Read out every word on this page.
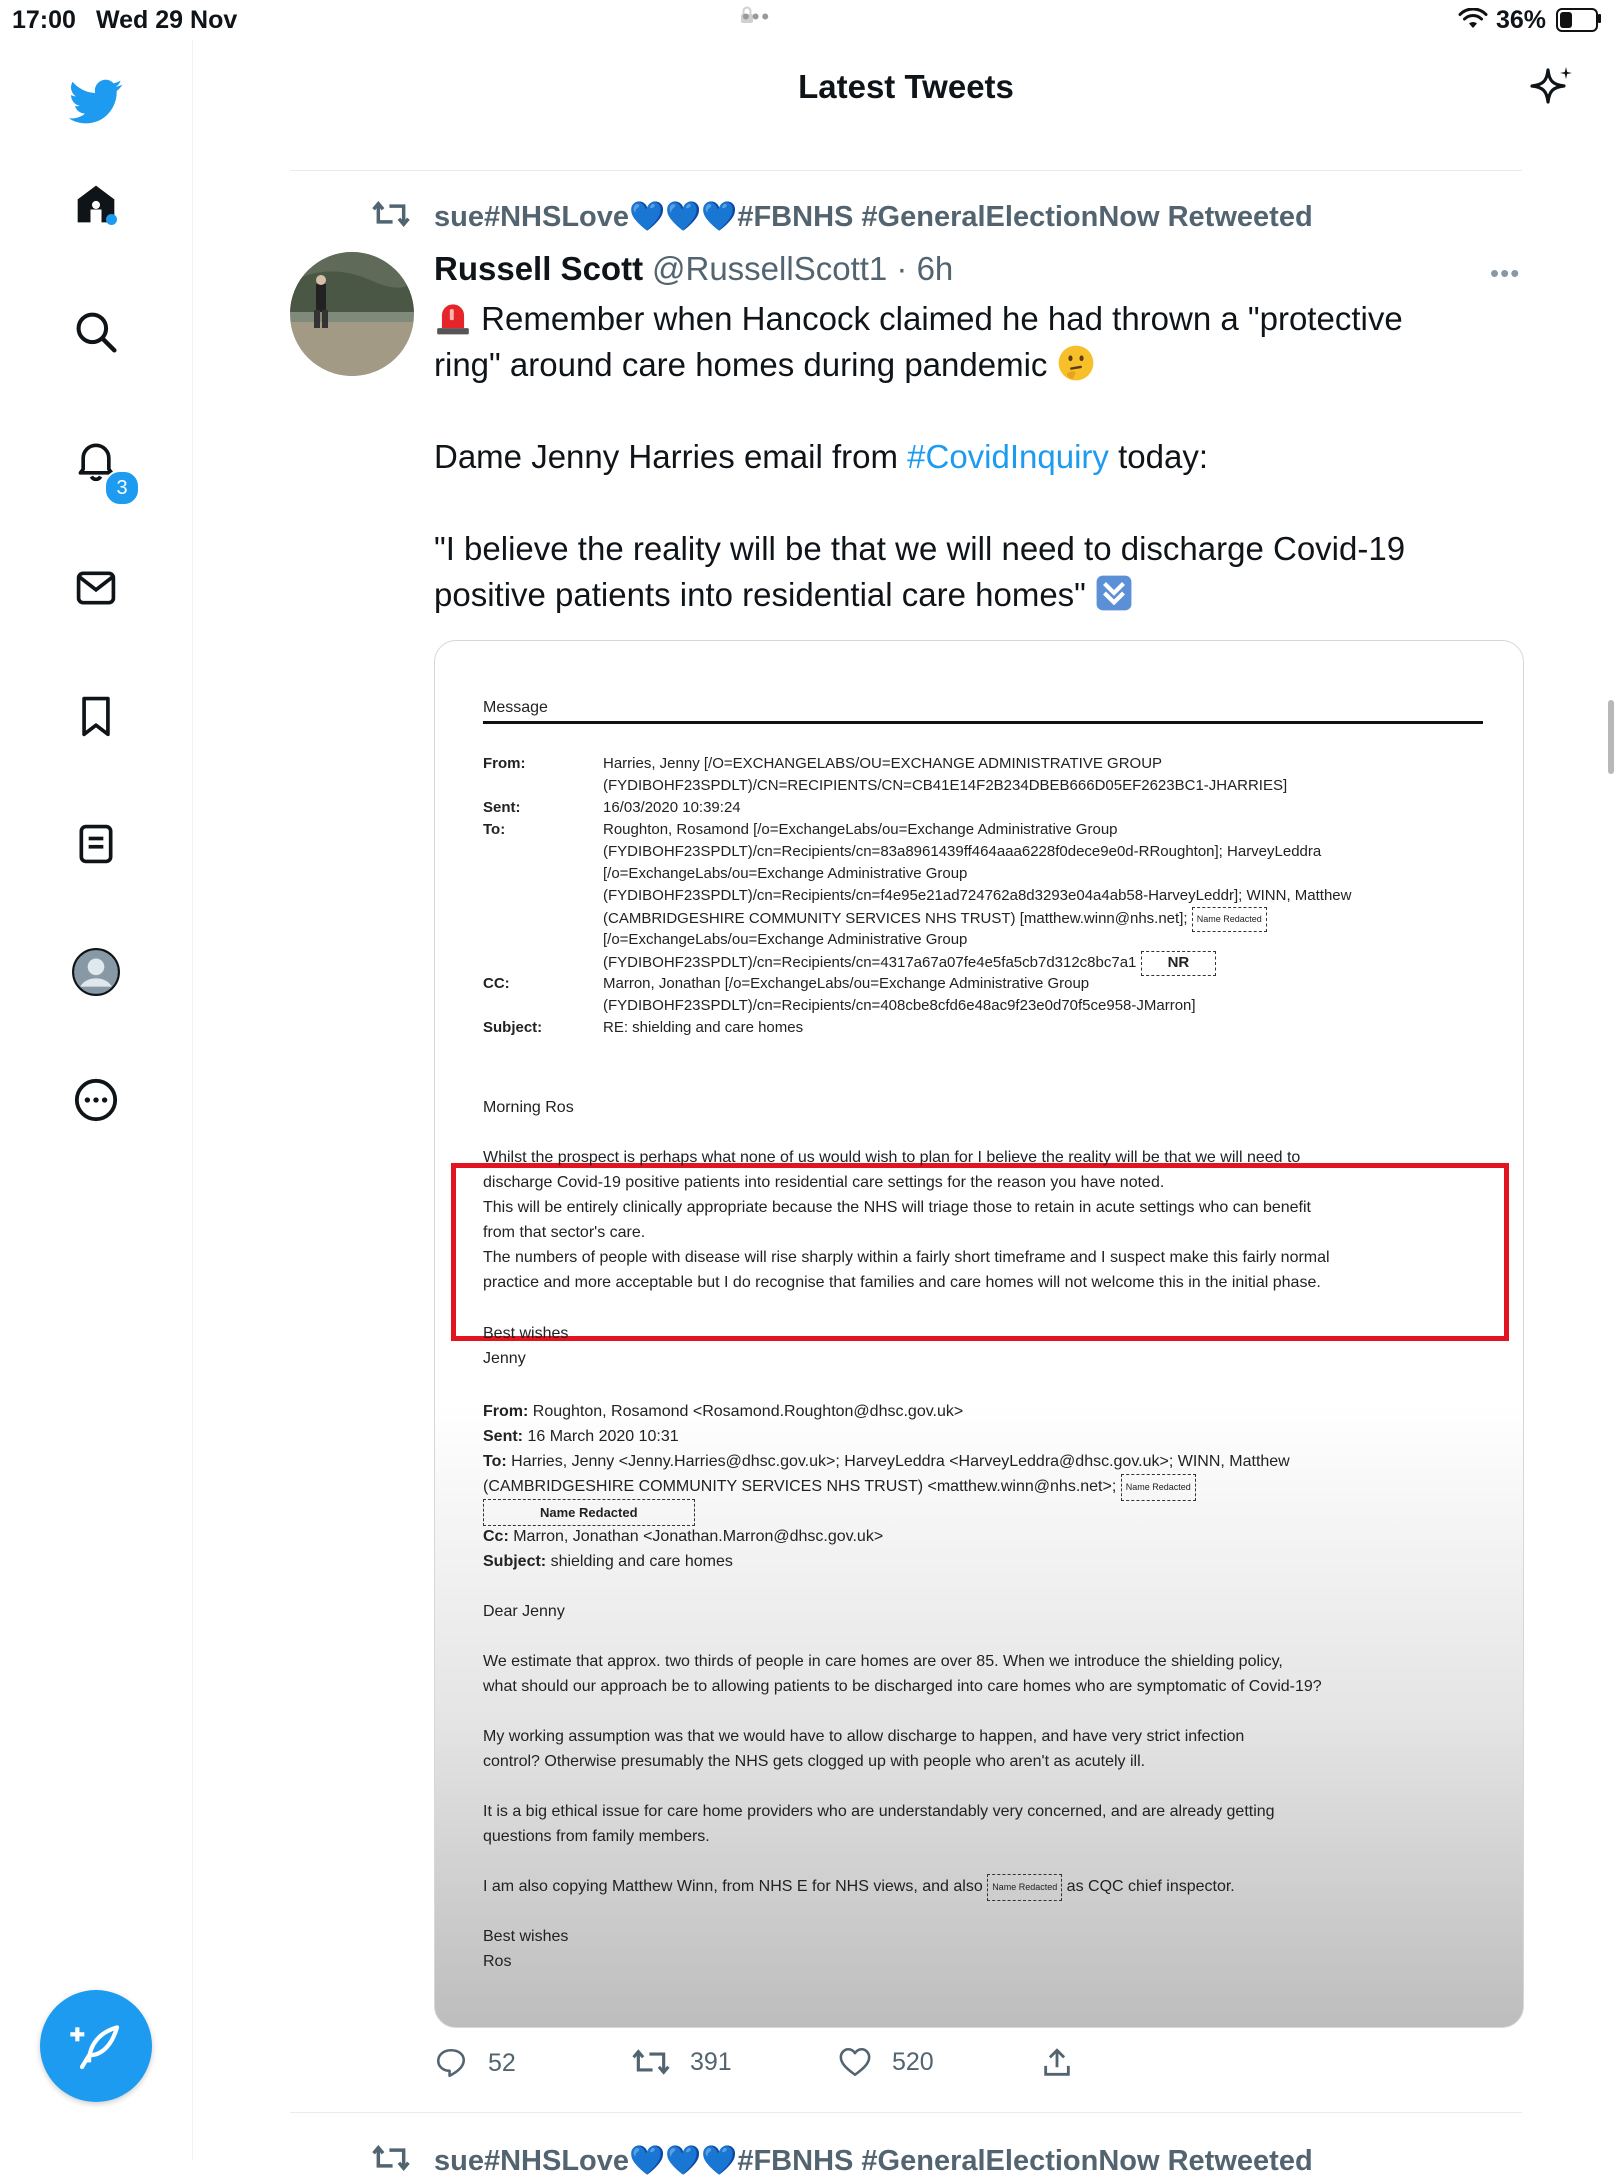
17:00 Wed 29 Nov	•••	36%
3
Latest Tweets
sue#NHSLove💙💙💙#FBNHS #GeneralElectionNow Retweeted
Russell Scott @RussellScott1 · 6h	•••
Remember when Hancock claimed he had thrown a "protective
ring" around care homes during pandemic
Dame Jenny Harries email from #CovidInquiry today:
"I believe the reality will be that we will need to discharge Covid-19
positive patients into residential care homes"
Message
From:	Harries, Jenny [/O=EXCHANGELABS/OU=EXCHANGE ADMINISTRATIVE GROUP
(FYDIBOHF23SPDLT)/CN=RECIPIENTS/CN=CB41E14F2B234DBEB666D05EF2623BC1-JHARRIES]
Sent:	16/03/2020 10:39:24
To:	Roughton, Rosamond [/o=ExchangeLabs/ou=Exchange Administrative Group
(FYDIBOHF23SPDLT)/cn=Recipients/cn=83a8961439ff464aaa6228f0dece9e0d-RRoughton]; HarveyLeddra
[/o=ExchangeLabs/ou=Exchange Administrative Group
(FYDIBOHF23SPDLT)/cn=Recipients/cn=f4e95e21ad724762a8d3293e04a4ab58-HarveyLeddr]; WINN, Matthew
(CAMBRIDGESHIRE COMMUNITY SERVICES NHS TRUST) [matthew.winn@nhs.net]; Name Redacted
[/o=ExchangeLabs/ou=Exchange Administrative Group
(FYDIBOHF23SPDLT)/cn=Recipients/cn=4317a67a07fe4e5fa5cb7d312c8bc7a1 NR
CC:	Marron, Jonathan [/o=ExchangeLabs/ou=Exchange Administrative Group
(FYDIBOHF23SPDLT)/cn=Recipients/cn=408cbe8cfd6e48ac9f23e0d70f5ce958-JMarron]
Subject:	RE: shielding and care homes
Morning Ros
Whilst the prospect is perhaps what none of us would wish to plan for I believe the reality will be that we will need to
discharge Covid-19 positive patients into residential care settings for the reason you have noted.
This will be entirely clinically appropriate because the NHS will triage those to retain in acute settings who can benefit
from that sector's care.
The numbers of people with disease will rise sharply within a fairly short timeframe and I suspect make this fairly normal
practice and more acceptable but I do recognise that families and care homes will not welcome this in the initial phase.
Best wishes
Jenny
From: Roughton, Rosamond <Rosamond.Roughton@dhsc.gov.uk>
Sent: 16 March 2020 10:31
To: Harries, Jenny <Jenny.Harries@dhsc.gov.uk>; HarveyLeddra <HarveyLeddra@dhsc.gov.uk>; WINN, Matthew
(CAMBRIDGESHIRE COMMUNITY SERVICES NHS TRUST) <matthew.winn@nhs.net>; Name Redacted
Name Redacted
Cc: Marron, Jonathan <Jonathan.Marron@dhsc.gov.uk>
Subject: shielding and care homes
Dear Jenny
We estimate that approx. two thirds of people in care homes are over 85. When we introduce the shielding policy,
what should our approach be to allowing patients to be discharged into care homes who are symptomatic of Covid-19?
My working assumption was that we would have to allow discharge to happen, and have very strict infection
control? Otherwise presumably the NHS gets clogged up with people who aren't as acutely ill.
It is a big ethical issue for care home providers who are understandably very concerned, and are already getting
questions from family members.
I am also copying Matthew Winn, from NHS E for NHS views, and also Name Redacted as CQC chief inspector.
Best wishes
Ros
52	391	520
sue#NHSLove💙💙💙#FBNHS #GeneralElectionNow Retweeted
